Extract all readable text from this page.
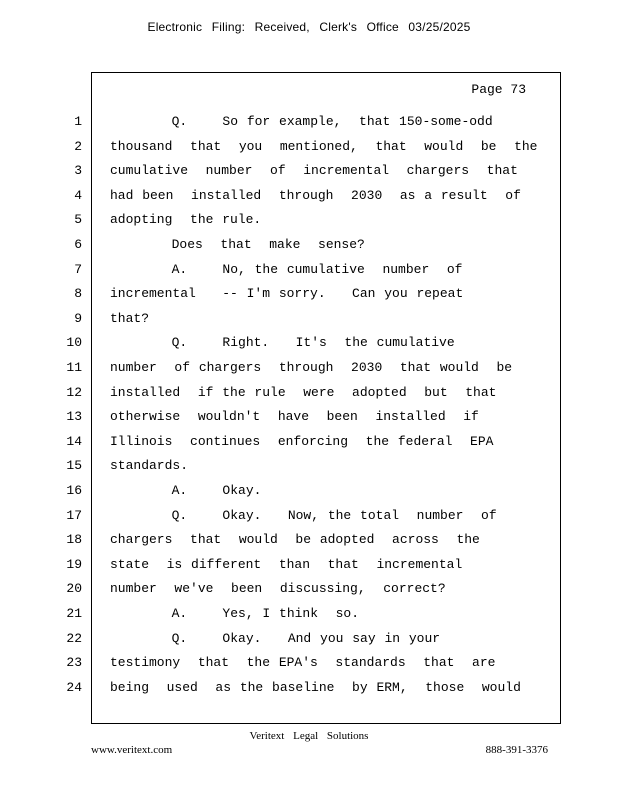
Electronic Filing: Received, Clerk's Office 03/25/2025
Page 73
1 Q.    So for example,  that 150-some-odd
2 thousand  that  you  mentioned,  that  would  be  the
3 cumulative  number  of  incremental  chargers  that
4 had been  installed  through  2030  as a result  of
5 adopting  the rule.
6 Does  that  make  sense?
7 A.    No, the cumulative  number  of
8 incremental   -- I'm sorry.   Can you repeat
9 that?
10 Q.    Right.   It's  the cumulative
11 number  of chargers  through  2030  that would  be
12 installed  if the rule  were  adopted  but  that
13 otherwise  wouldn't  have  been  installed  if
14 Illinois  continues  enforcing  the federal  EPA
15 standards.
16 A.    Okay.
17 Q.    Okay.   Now, the total  number  of
18 chargers  that  would  be adopted  across  the
19 state  is different  than  that  incremental
20 number  we've  been  discussing,  correct?
21 A.    Yes, I think  so.
22 Q.    Okay.   And you say in your
23 testimony  that  the EPA's  standards  that  are
24 being  used  as the baseline  by ERM,  those  would
Veritext Legal Solutions
www.veritext.com	888-391-3376
